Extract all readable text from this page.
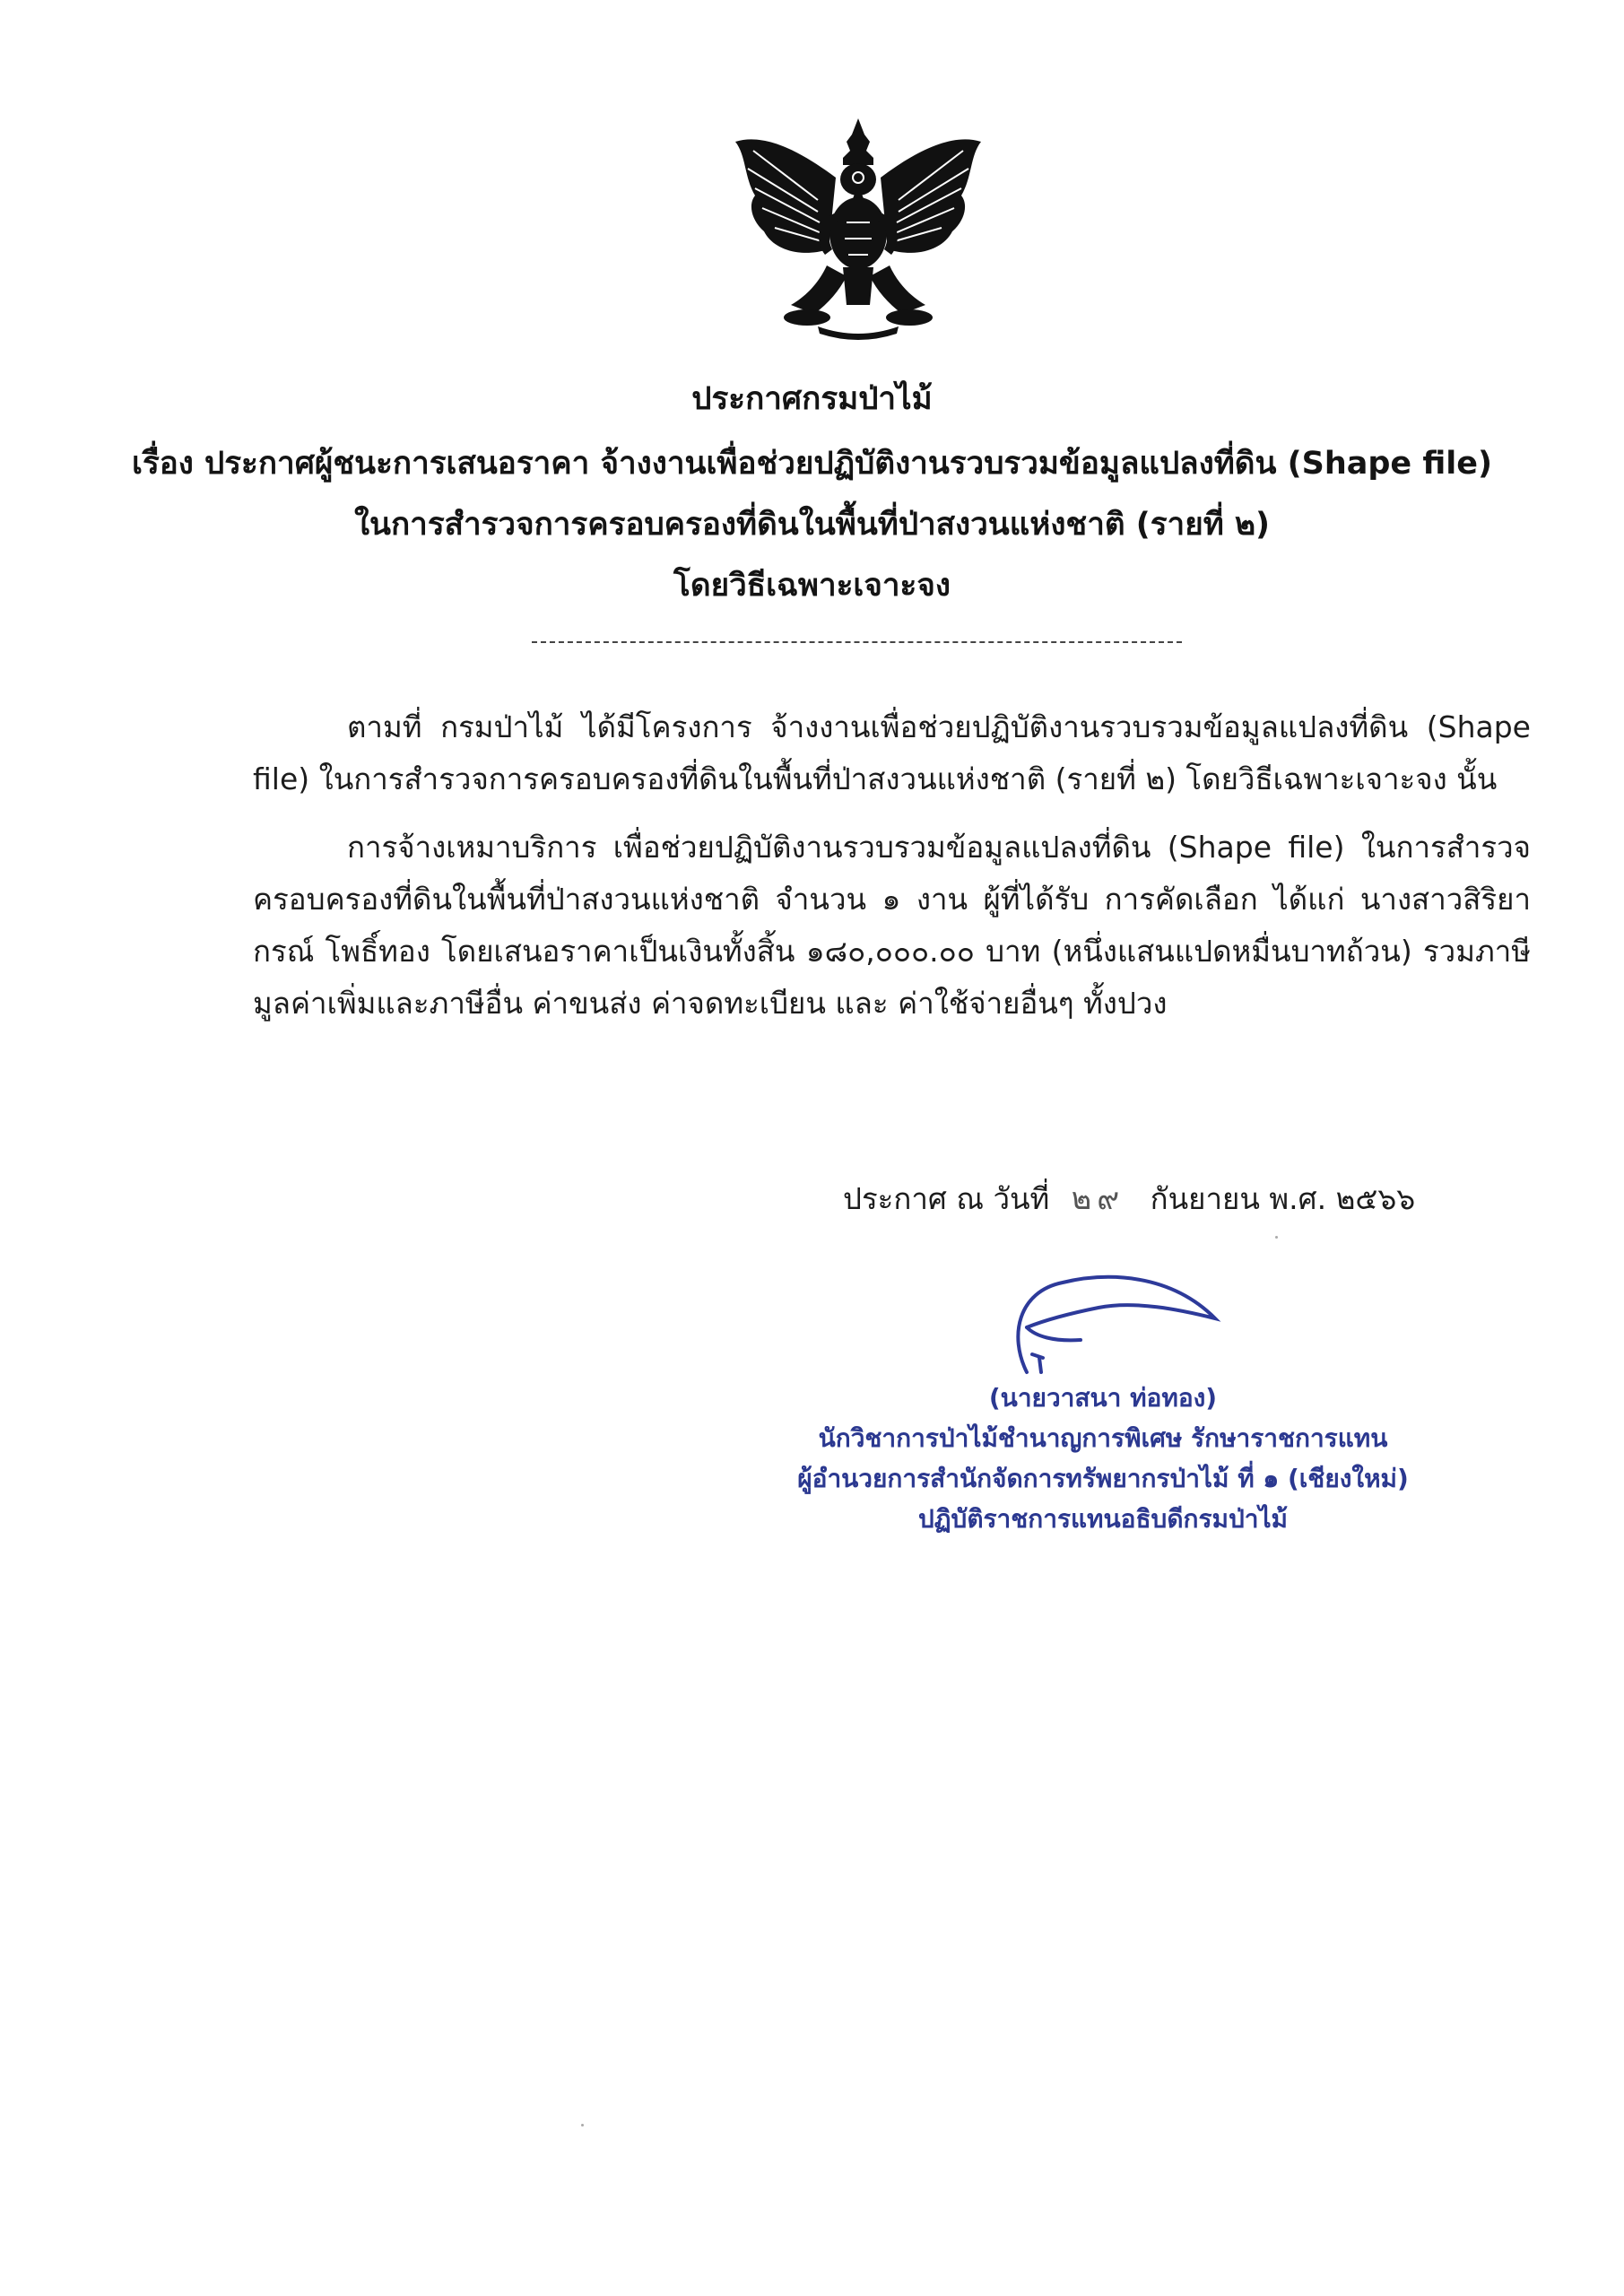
ประกาศกรมป่าไม้
เรื่อง ประกาศผู้ชนะการเสนอราคา จ้างงานเพื่อช่วยปฏิบัติงานรวบรวมข้อมูลแปลงที่ดิน (Shape file)
ในการสำรวจการครอบครองที่ดินในพื้นที่ป่าสงวนแห่งชาติ (รายที่ ๒)
โดยวิธีเฉพาะเจาะจง
ตามที่ กรมป่าไม้ ได้มีโครงการ จ้างงานเพื่อช่วยปฏิบัติงานรวบรวมข้อมูลแปลงที่ดิน (Shape file) ในการสำรวจการครอบครองที่ดินในพื้นที่ป่าสงวนแห่งชาติ (รายที่ ๒) โดยวิธีเฉพาะเจาะจง นั้น
การจ้างเหมาบริการ เพื่อช่วยปฏิบัติงานรวบรวมข้อมูลแปลงที่ดิน (Shape file) ในการสำรวจครอบครองที่ดินในพื้นที่ป่าสงวนแห่งชาติ จำนวน ๑ งาน ผู้ที่ได้รับ การคัดเลือก ได้แก่ นางสาวสิริยากรณ์ โพธิ์ทอง โดยเสนอราคาเป็นเงินทั้งสิ้น ๑๘๐,๐๐๐.๐๐ บาท (หนึ่งแสนแปดหมื่นบาทถ้วน) รวมภาษีมูลค่าเพิ่มและภาษีอื่น ค่าขนส่ง ค่าจดทะเบียน และ ค่าใช้จ่ายอื่นๆ ทั้งปวง
ประกาศ ณ วันที่ ๒๙ กันยายน พ.ศ. ๒๕๖๖
(นายวาสนา ท่อทอง)
นักวิชาการป่าไม้ชำนาญการพิเศษ รักษาราชการแทน
ผู้อำนวยการสำนักจัดการทรัพยากรป่าไม้ ที่ ๑ (เชียงใหม่)
ปฏิบัติราชการแทนอธิบดีกรมป่าไม้
